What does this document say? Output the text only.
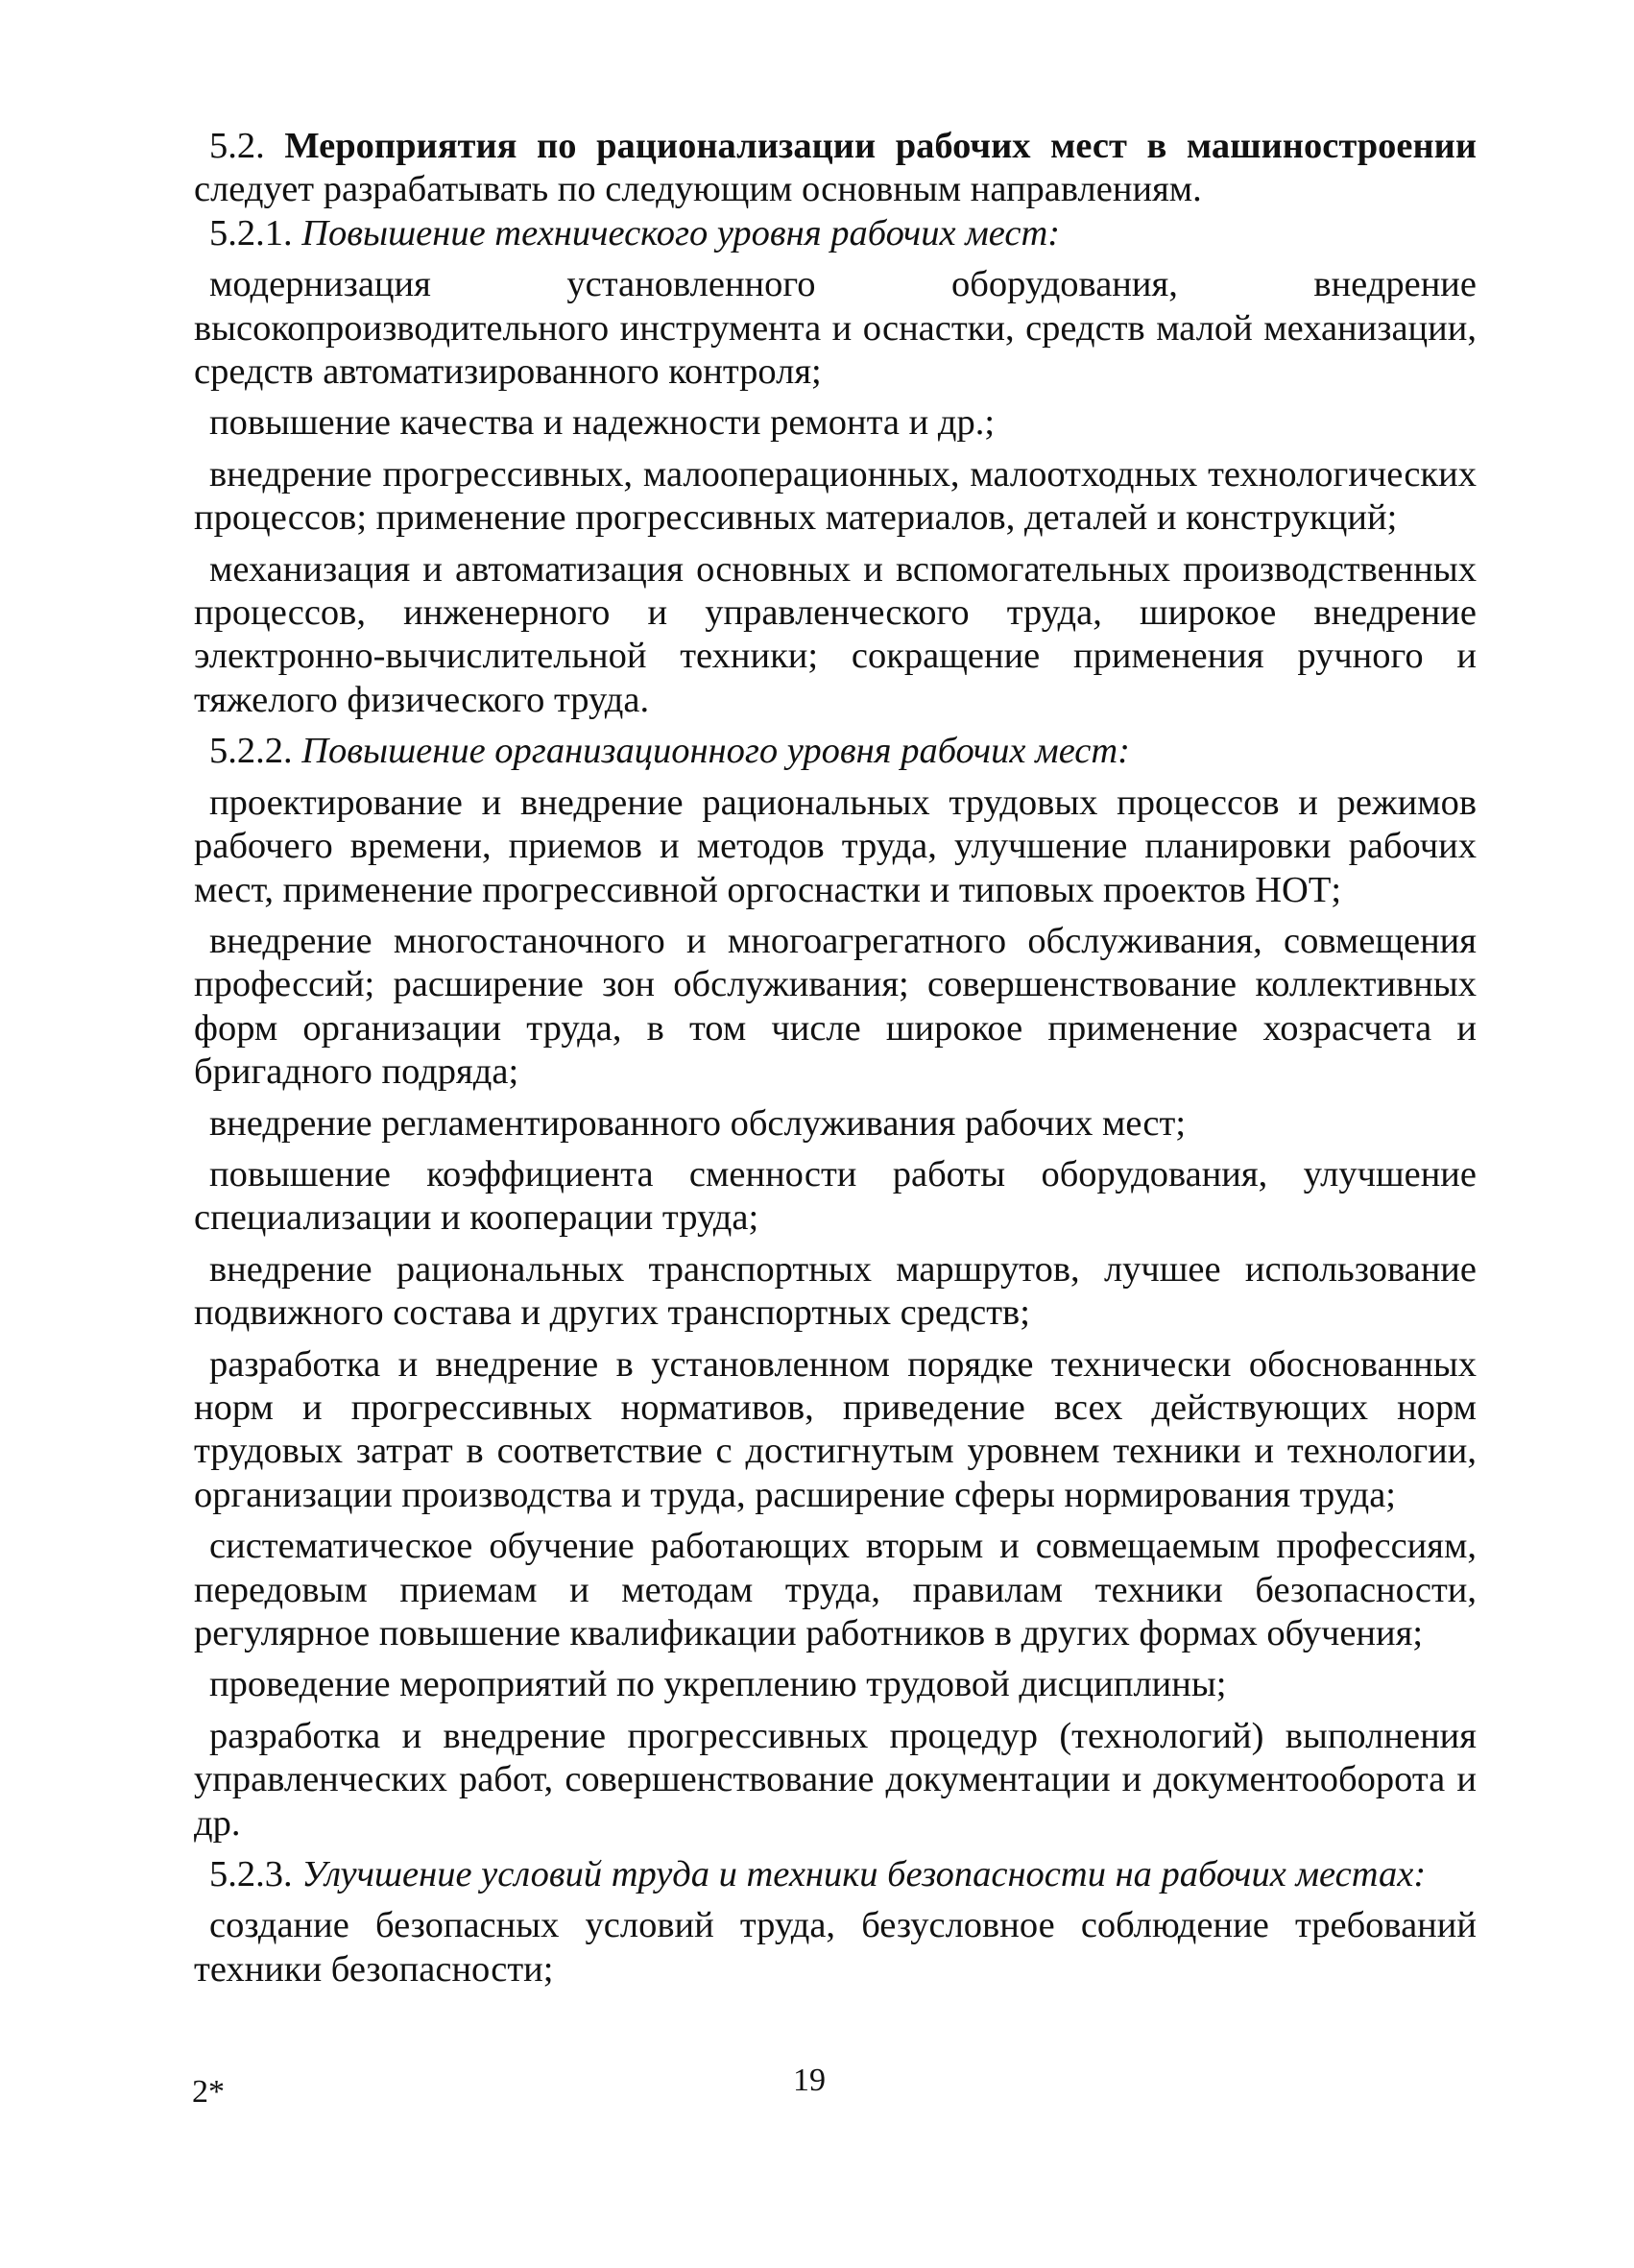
5.2. Мероприятия по рационализации рабочих мест в машиностроении следует разрабатывать по следующим основным направлениям.

5.2.1. Повышение технического уровня рабочих мест:

модернизация установленного оборудования, внедрение высокопроизводительного инструмента и оснастки, средств малой механизации, средств автоматизированного контроля;

повышение качества и надежности ремонта и др.;

внедрение прогрессивных, малооперационных, малоотходных технологических процессов; применение прогрессивных материалов, деталей и конструкций;

механизация и автоматизация основных и вспомогательных производственных процессов, инженерного и управленческого труда, широкое внедрение электронно-вычислительной техники; сокращение применения ручного и тяжелого физического труда.

5.2.2. Повышение организационного уровня рабочих мест:

проектирование и внедрение рациональных трудовых процессов и режимов рабочего времени, приемов и методов труда, улучшение планировки рабочих мест, применение прогрессивной оргоснастки и типовых проектов НОТ;

внедрение многостаночного и многоагрегатного обслуживания, совмещения профессий; расширение зон обслуживания; совершенствование коллективных форм организации труда, в том числе широкое применение хозрасчета и бригадного подряда;

внедрение регламентированного обслуживания рабочих мест;

повышение коэффициента сменности работы оборудования, улучшение специализации и кооперации труда;

внедрение рациональных транспортных маршрутов, лучшее использование подвижного состава и других транспортных средств;

разработка и внедрение в установленном порядке технически обоснованных норм и прогрессивных нормативов, приведение всех действующих норм трудовых затрат в соответствие с достигнутым уровнем техники и технологии, организации производства и труда, расширение сферы нормирования труда;

систематическое обучение работающих вторым и совмещаемым профессиям, передовым приемам и методам труда, правилам техники безопасности, регулярное повышение квалификации работников в других формах обучения;

проведение мероприятий по укреплению трудовой дисциплины;

разработка и внедрение прогрессивных процедур (технологий) выполнения управленческих работ, совершенствование документации и документооборота и др.

5.2.3. Улучшение условий труда и техники безопасности на рабочих местах:

создание безопасных условий труда, безусловное соблюдение требований техники безопасности;

2*	19
